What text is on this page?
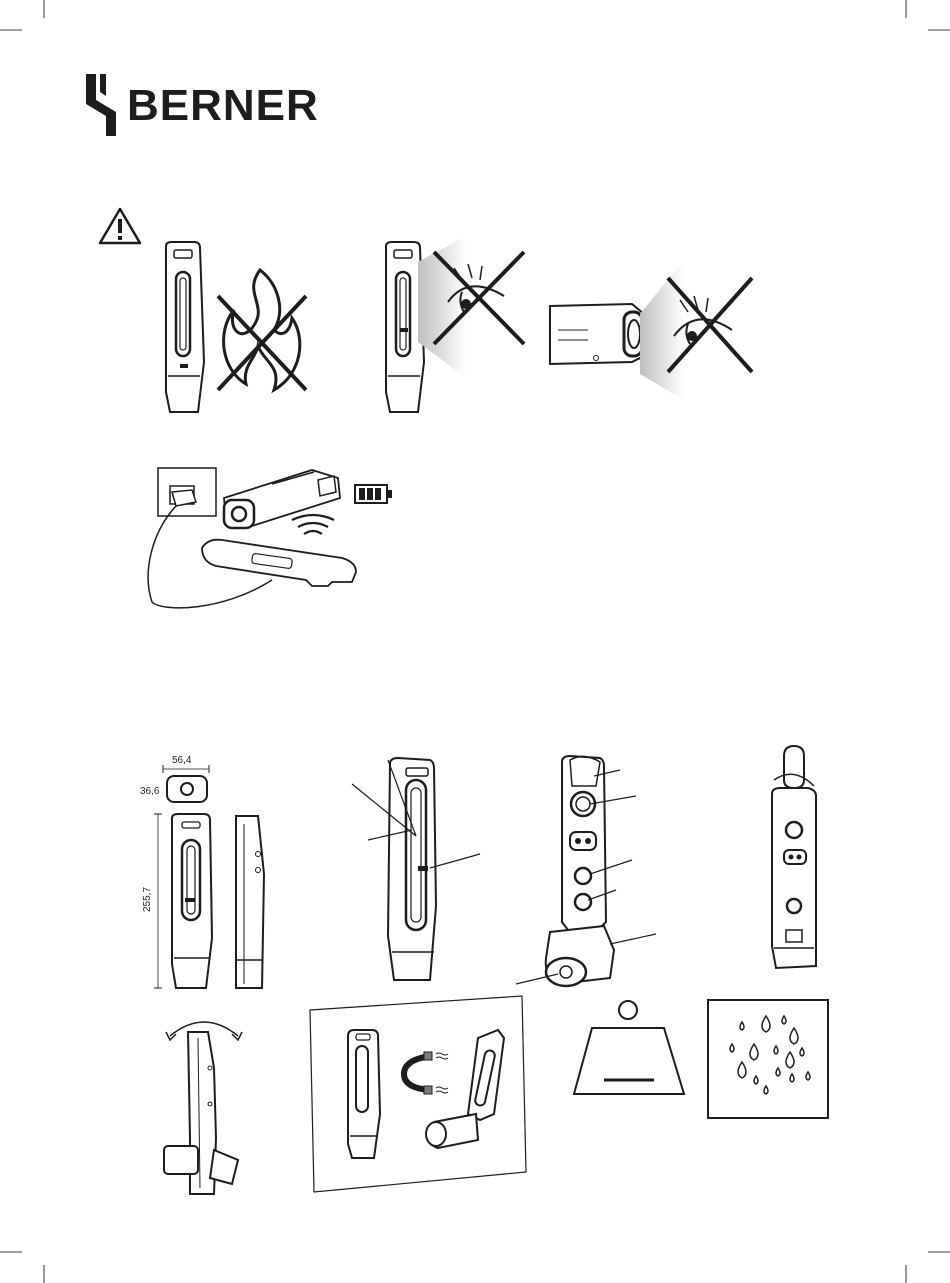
BERNER
56,4
36,6
255,7
